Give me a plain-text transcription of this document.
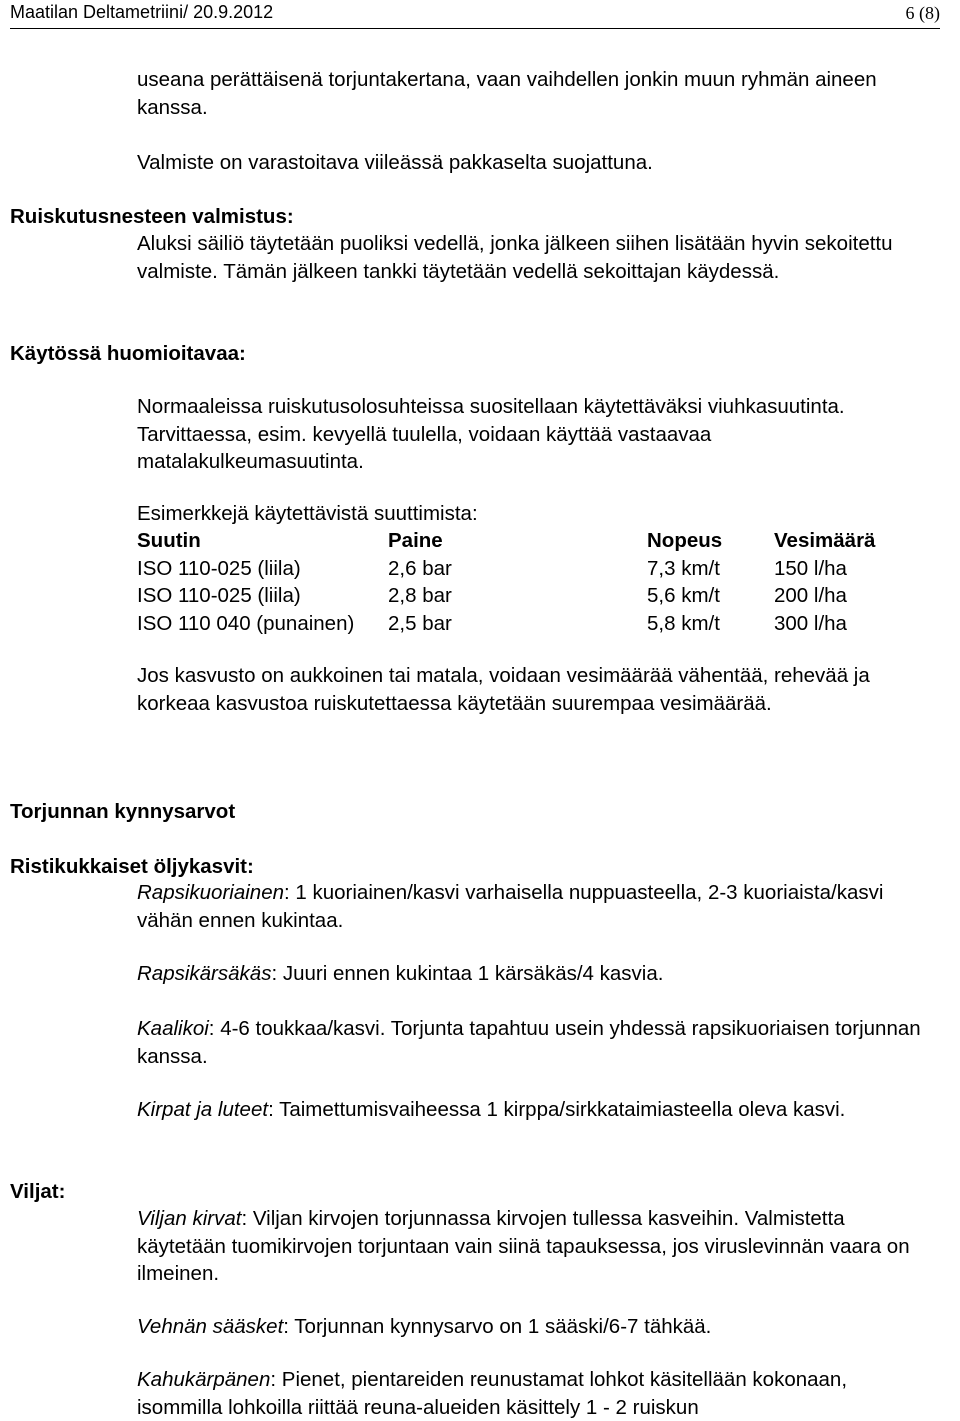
Maatilan Deltametriini/ 20.9.2012	6 (8)

useana perättäisenä torjuntakertana, vaan vaihdellen jonkin muun ryhmän aineen kanssa.

Valmiste on varastoitava viileässä pakkaselta suojattuna.

Ruiskutusnesteen valmistus:

Aluksi säiliö täytetään puoliksi vedellä, jonka jälkeen siihen lisätään hyvin sekoitettu valmiste. Tämän jälkeen tankki täytetään vedellä sekoittajan käydessä.

Käytössä huomioitavaa:

Normaaleissa ruiskutusolosuhteissa suositellaan käytettäväksi viuhkasuutinta. Tarvittaessa, esim. kevyellä tuulella, voidaan käyttää vastaavaa matalakulkeumasuutinta.

Esimerkkejä käytettävistä suuttimista:

Suutin	Paine	Nopeus	Vesimäärä
ISO 110-025 (liila)	2,6 bar	7,3 km/t	150 l/ha
ISO 110-025 (liila)	2,8 bar	5,6 km/t	200 l/ha
ISO 110 040 (punainen) 2,5 bar	5,8 km/t	300 l/ha

Jos kasvusto on aukkoinen tai matala, voidaan vesimäärää vähentää, rehevää ja korkeaa kasvustoa ruiskutettaessa käytetään suurempaa vesimäärää.

Torjunnan kynnysarvot
Ristikukkaiset öljykasvit:

Rapsikuoriainen: 1 kuoriainen/kasvi varhaisella nuppuasteella, 2-3 kuoriaista/kasvi vähän ennen kukintaa.

Rapsikärsäkäs: Juuri ennen kukintaa 1 kärsäkäs/4 kasvia.

Kaalikoi: 4-6 toukkaa/kasvi. Torjunta tapahtuu usein yhdessä rapsikuoriaisen torjunnan kanssa.

Kirpat ja luteet: Taimettumisvaiheessa 1 kirppa/sirkkataimiasteella oleva kasvi.

Viljat:

Viljan kirvat: Viljan kirvojen torjunnassa kirvojen tullessa kasveihin. Valmistetta käytetään tuomikirvojen torjuntaan vain siinä tapauksessa, jos viruslevinnän vaara on ilmeinen.

Vehnän sääsket: Torjunnan kynnysarvo on 1 sääski/6-7 tähkää.

Kahukärpänen: Pienet, pientareiden reunustamat lohkot käsitellään kokonaan, isommilla lohkoilla riittää reuna-alueiden käsittely 1 - 2 ruiskun
